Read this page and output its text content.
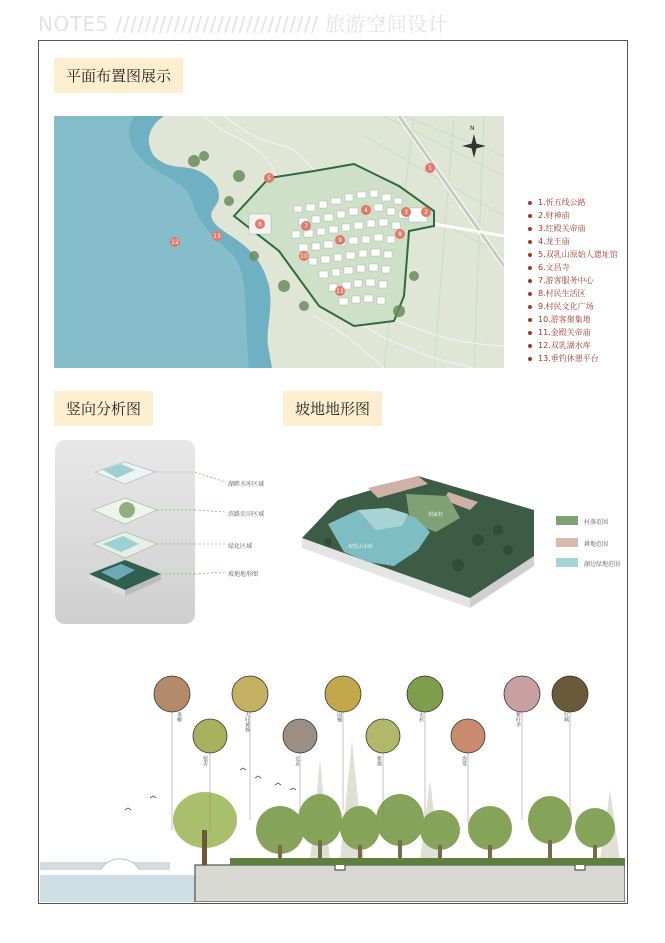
NOTE5 //////////////////////////// 旅游空间设计
平面布置图展示
竖向分析图	坡地地形图
N
1
2
3
4
5
6	7
8
9
10
11
12
13
1.忻五线公路
2.财神庙
3.红殿关帝庙
4.龙王庙
5.双乳山原始人遗址馆
6.文昌寺
7.游客服务中心
8.村民生活区
9.村民文化广场
10.游客聚集地
11.金殿关帝庙
12.双乳湖水库
13.垂钓休憩平台
湖畔水库区域
滨路农田区域
绿化区域
坡地地形图
胡家村
双乳山水库
村落范围
耕地范围
湖边绿地范围
垂柳
银杏
大叶黄杨
女贞
国槐
紫薇
水杉
海棠
紫叶李	红枫
